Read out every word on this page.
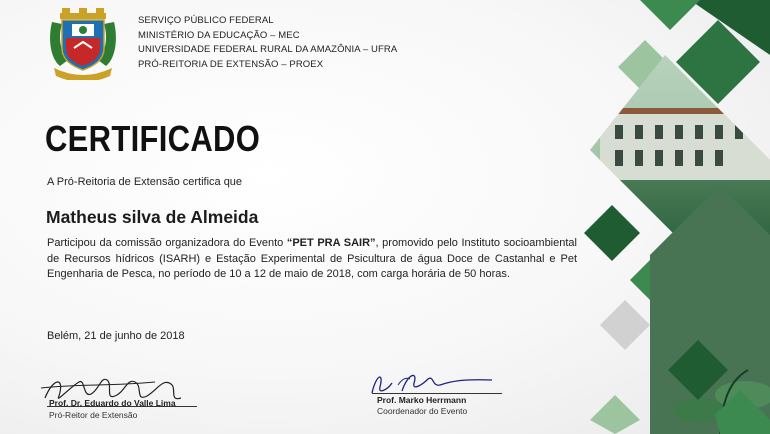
SERVIÇO PÚBLICO FEDERAL
MINISTÉRIO DA EDUCAÇÃO – MEC
UNIVERSIDADE FEDERAL RURAL DA AMAZÔNIA – UFRA
PRÓ-REITORIA DE EXTENSÃO – PROEX
CERTIFICADO
A Pró-Reitoria de Extensão certifica que
Matheus silva de Almeida
Participou da comissão organizadora do Evento “PET PRA SAIR”, promovido pelo Instituto socioambiental de Recursos hídricos (ISARH) e Estação Experimental de Psicultura de água Doce de Castanhal e Pet Engenharia de Pesca, no período de 10 a 12 de maio de 2018, com carga horária de 50 horas.
Belém, 21 de junho de 2018
Prof. Dr. Eduardo do Valle Lima
Pró-Reitor de Extensão
Prof. Marko Herrmann
Coordenador do Evento
